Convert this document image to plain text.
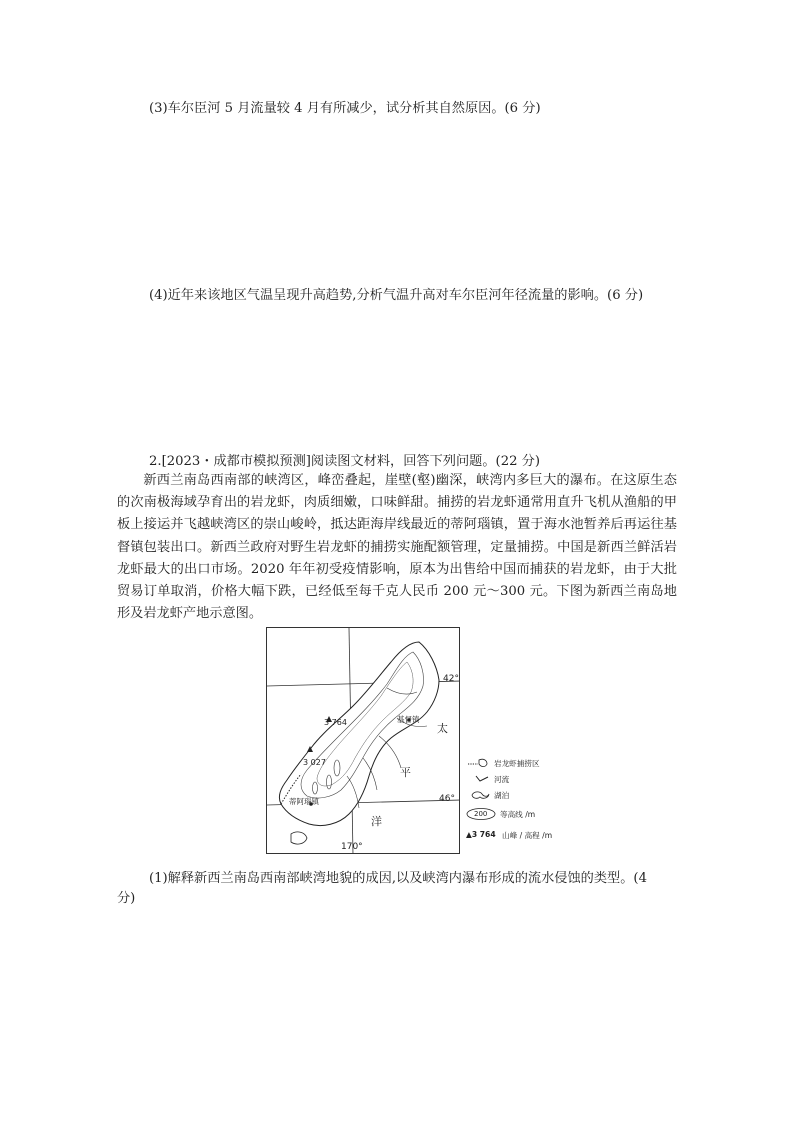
(3)车尔臣河 5 月流量较 4 月有所减少，试分析其自然原因。(6 分)
(4)近年来该地区气温呈现升高趋势,分析气温升高对车尔臣河年径流量的影响。(6 分)
2.[2023・成都市模拟预测]阅读图文材料，回答下列问题。(22 分)

新西兰南岛西南部的峡湾区，峰峦叠起，崖壁(壑)幽深，峡湾内多巨大的瀑布。在这原生态的次南极海域孕育出的岩龙虾，肉质细嫩，口味鲜甜。捕捞的岩龙虾通常用直升飞机从渔船的甲板上接运并飞越峡湾区的崇山峻岭，抵达距海岸线最近的蒂阿瑙镇，置于海水池暂养后再运往基督镇包装出口。新西兰政府对野生岩龙虾的捕捞实施配额管理，定量捕捞。中国是新西兰鲜活岩龙虾最大的出口市场。2020 年年初受疫情影响，原本为出售给中国而捕获的岩龙虾，由于大批贸易订单取消，价格大幅下跌，已经低至每千克人民币 200 元～300 元。下图为新西兰南岛地形及岩龙虾产地示意图。

3 764
3 027
基督镇
蒂阿瑙镇
42°
46°
170°
太
平
洋
岩龙虾捕捞区
河流
湖泊
200 等高线 /m
▲3 764 山峰 / 高程 /m
(1)解释新西兰南岛西南部峡湾地貌的成因,以及峡湾内瀑布形成的流水侵蚀的类型。(4
分)
